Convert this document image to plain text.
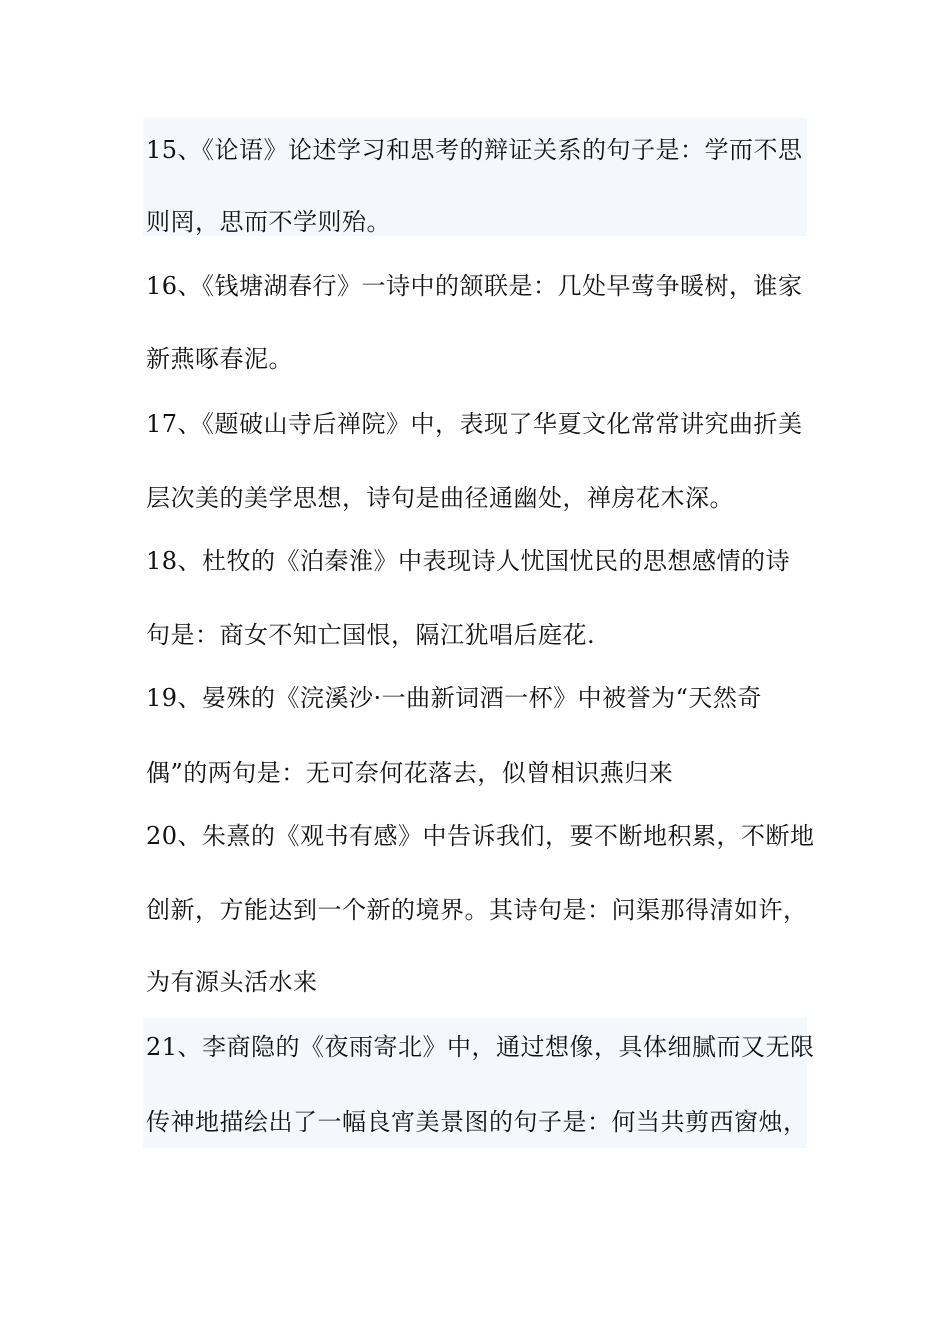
15、《论语》论述学习和思考的辩证关系的句子是：学而不思
则罔，思而不学则殆。
16、《钱塘湖春行》一诗中的颔联是：几处早莺争暖树，谁家
新燕啄春泥。
17、《题破山寺后禅院》中，表现了华夏文化常常讲究曲折美
层次美的美学思想，诗句是曲径通幽处，禅房花木深。
18、杜牧的《泊秦淮》中表现诗人忧国忧民的思想感情的诗
句是：商女不知亡国恨，隔江犹唱后庭花.
19、晏殊的《浣溪沙·一曲新词酒一杯》中被誉为“天然奇
偶”的两句是：无可奈何花落去，似曾相识燕归来
20、朱熹的《观书有感》中告诉我们，要不断地积累，不断地
创新，方能达到一个新的境界。其诗句是：问渠那得清如许，
为有源头活水来
21、李商隐的《夜雨寄北》中，通过想像，具体细腻而又无限
传神地描绘出了一幅良宵美景图的句子是：何当共剪西窗烛，
